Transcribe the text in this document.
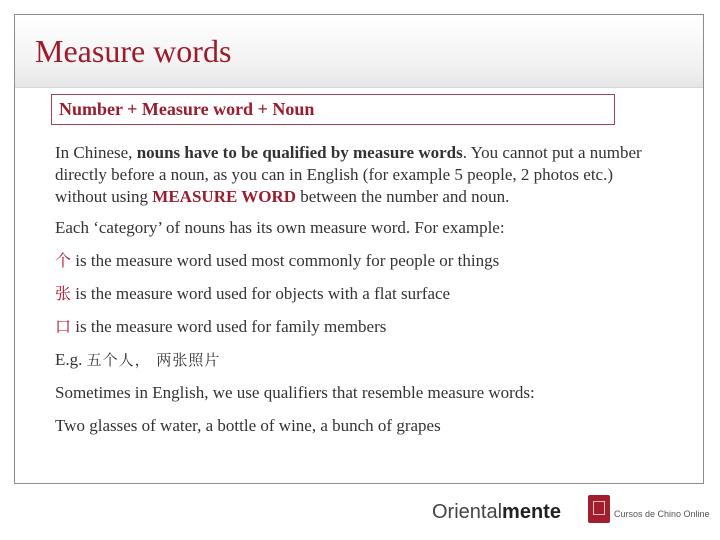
Measure words
Number + Measure word + Noun

In Chinese, nouns have to be qualified by measure words. You cannot put a number directly before a noun, as you can in English (for example 5 people, 2 photos etc.) without using MEASURE WORD between the number and noun.

Each ‘category’ of nouns has its own measure word. For example:

个 is the measure word used most commonly for people or things

张 is the measure word used for objects with a flat surface

口 is the measure word used for family members

E.g. 五个人， 两张照片

Sometimes in English, we use qualifiers that resemble measure words:

Two glasses of water, a bottle of wine, a bunch of grapes

Orientalmente	Cursos de Chino Online
